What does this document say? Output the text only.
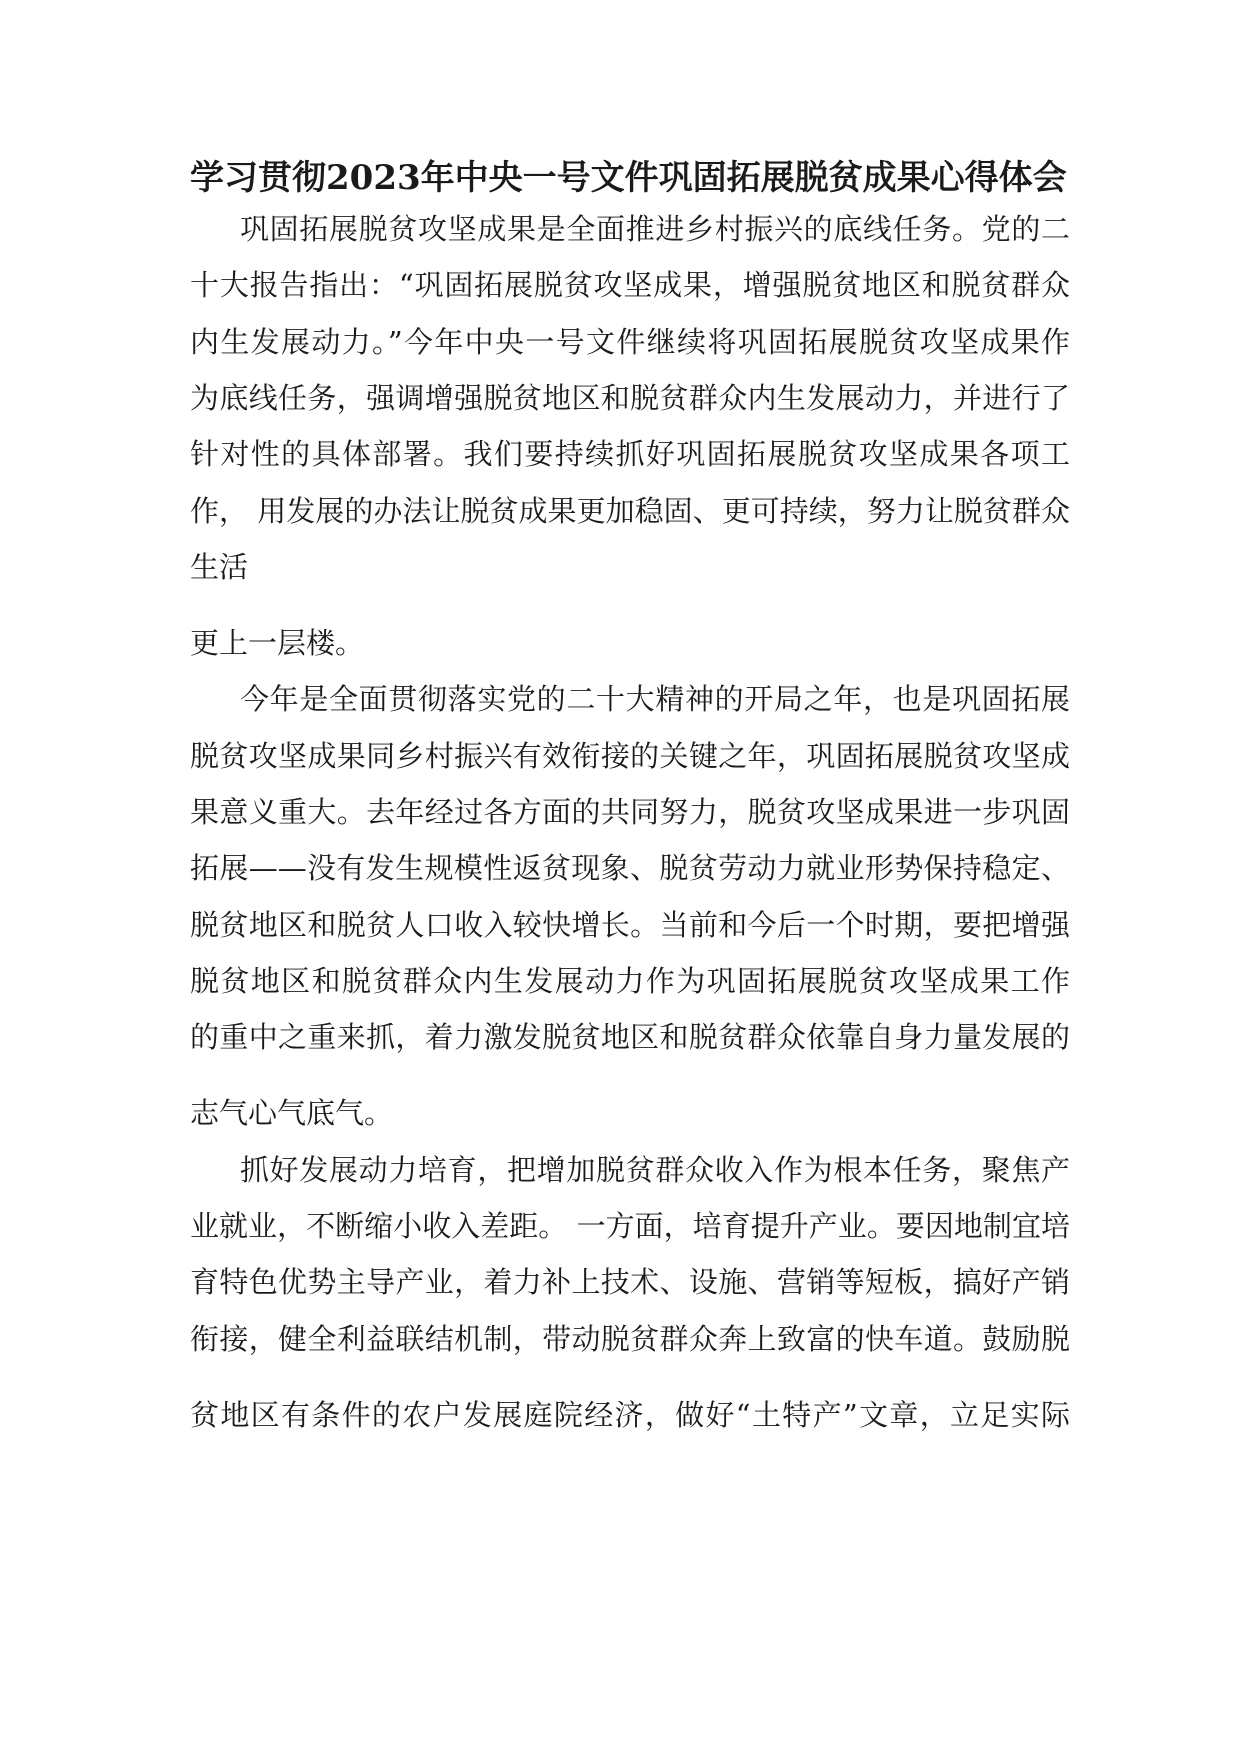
学习贯彻2023年中央一号文件巩固拓展脱贫成果心得体会

巩固拓展脱贫攻坚成果是全面推进乡村振兴的底线任务。党的二

十大报告指出：“巩固拓展脱贫攻坚成果，增强脱贫地区和脱贫群众

内生发展动力。”今年中央一号文件继续将巩固拓展脱贫攻坚成果作

为底线任务，强调增强脱贫地区和脱贫群众内生发展动力，并进行了

针对性的具体部署。我们要持续抓好巩固拓展脱贫攻坚成果各项工

作， 用发展的办法让脱贫成果更加稳固、更可持续，努力让脱贫群众

生活

更上一层楼。

今年是全面贯彻落实党的二十大精神的开局之年，也是巩固拓展

脱贫攻坚成果同乡村振兴有效衔接的关键之年，巩固拓展脱贫攻坚成

果意义重大。去年经过各方面的共同努力，脱贫攻坚成果进一步巩固

拓展——没有发生规模性返贫现象、脱贫劳动力就业形势保持稳定、

脱贫地区和脱贫人口收入较快增长。当前和今后一个时期，要把增强

脱贫地区和脱贫群众内生发展动力作为巩固拓展脱贫攻坚成果工作

的重中之重来抓，着力激发脱贫地区和脱贫群众依靠自身力量发展的

志气心气底气。

抓好发展动力培育，把增加脱贫群众收入作为根本任务，聚焦产

业就业，不断缩小收入差距。 一方面，培育提升产业。要因地制宜培

育特色优势主导产业，着力补上技术、设施、营销等短板，搞好产销

衔接，健全利益联结机制，带动脱贫群众奔上致富的快车道。鼓励脱

贫地区有条件的农户发展庭院经济，做好“土特产”文章，立足实际
